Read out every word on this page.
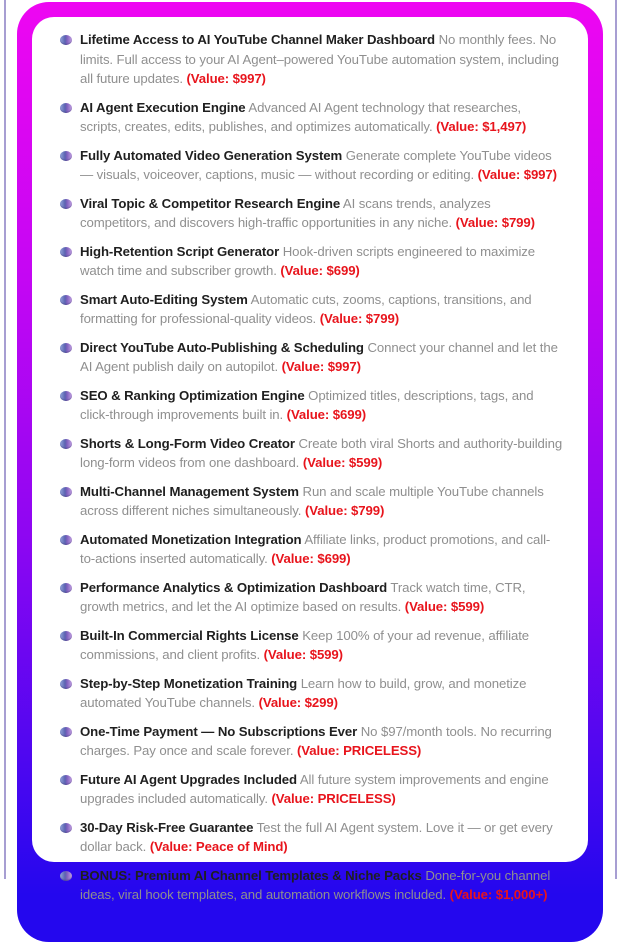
Lifetime Access to AI YouTube Channel Maker Dashboard No monthly fees. No limits. Full access to your AI Agent–powered YouTube automation system, including all future updates. (Value: $997)
AI Agent Execution Engine Advanced AI Agent technology that researches, scripts, creates, edits, publishes, and optimizes automatically. (Value: $1,497)
Fully Automated Video Generation System Generate complete YouTube videos — visuals, voiceover, captions, music — without recording or editing. (Value: $997)
Viral Topic & Competitor Research Engine AI scans trends, analyzes competitors, and discovers high-traffic opportunities in any niche. (Value: $799)
High-Retention Script Generator Hook-driven scripts engineered to maximize watch time and subscriber growth. (Value: $699)
Smart Auto-Editing System Automatic cuts, zooms, captions, transitions, and formatting for professional-quality videos. (Value: $799)
Direct YouTube Auto-Publishing & Scheduling Connect your channel and let the AI Agent publish daily on autopilot. (Value: $997)
SEO & Ranking Optimization Engine Optimized titles, descriptions, tags, and click-through improvements built in. (Value: $699)
Shorts & Long-Form Video Creator Create both viral Shorts and authority-building long-form videos from one dashboard. (Value: $599)
Multi-Channel Management System Run and scale multiple YouTube channels across different niches simultaneously. (Value: $799)
Automated Monetization Integration Affiliate links, product promotions, and call-to-actions inserted automatically. (Value: $699)
Performance Analytics & Optimization Dashboard Track watch time, CTR, growth metrics, and let the AI optimize based on results. (Value: $599)
Built-In Commercial Rights License Keep 100% of your ad revenue, affiliate commissions, and client profits. (Value: $599)
Step-by-Step Monetization Training Learn how to build, grow, and monetize automated YouTube channels. (Value: $299)
One-Time Payment — No Subscriptions Ever No $97/month tools. No recurring charges. Pay once and scale forever. (Value: PRICELESS)
Future AI Agent Upgrades Included All future system improvements and engine upgrades included automatically. (Value: PRICELESS)
30-Day Risk-Free Guarantee Test the full AI Agent system. Love it — or get every dollar back. (Value: Peace of Mind)
BONUS: Premium AI Channel Templates & Niche Packs Done-for-you channel ideas, viral hook templates, and automation workflows included. (Value: $1,000+)
